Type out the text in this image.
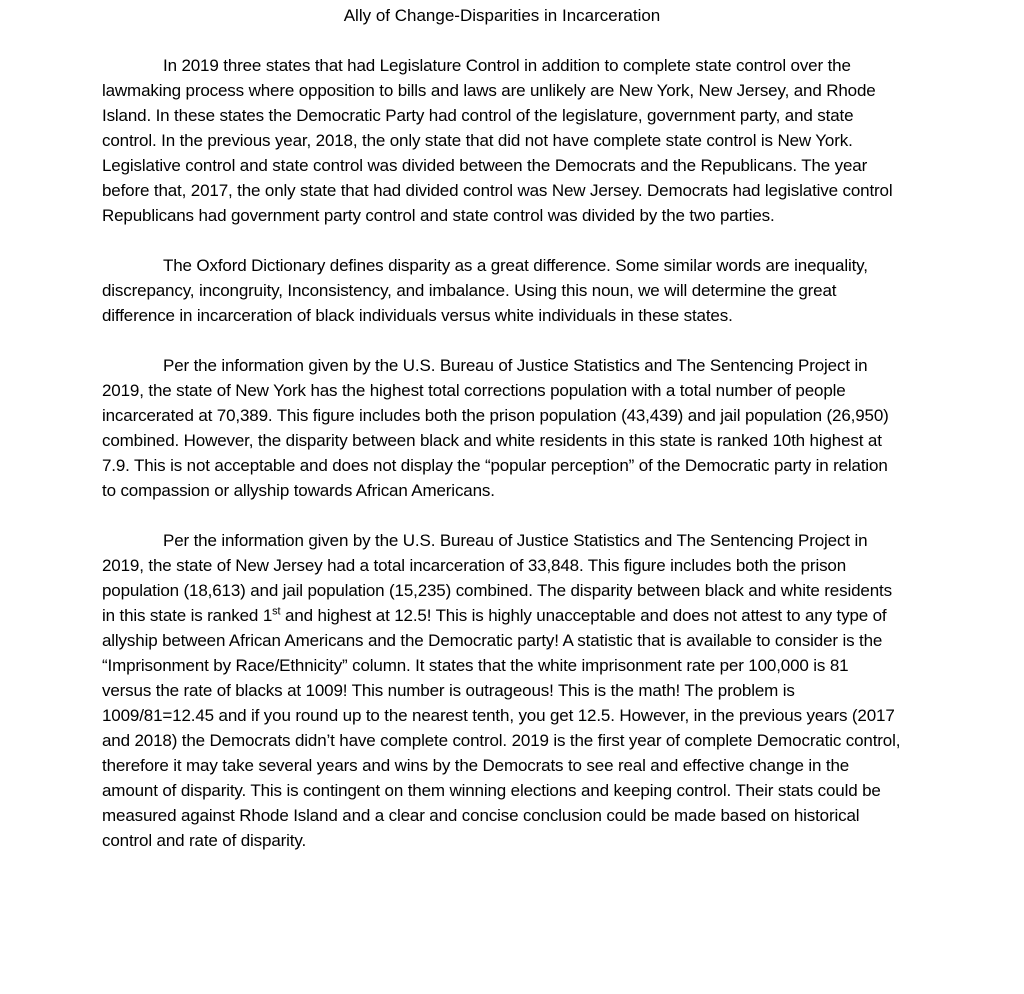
Ally of Change-Disparities in Incarceration

In 2019 three states that had Legislature Control in addition to complete state control over the lawmaking process where opposition to bills and laws are unlikely are New York, New Jersey, and Rhode Island. In these states the Democratic Party had control of the legislature, government party, and state control. In the previous year, 2018, the only state that did not have complete state control is New York. Legislative control and state control was divided between the Democrats and the Republicans. The year before that, 2017, the only state that had divided control was New Jersey. Democrats had legislative control Republicans had government party control and state control was divided by the two parties.

The Oxford Dictionary defines disparity as a great difference. Some similar words are inequality, discrepancy, incongruity, Inconsistency, and imbalance. Using this noun, we will determine the great difference in incarceration of black individuals versus white individuals in these states.

Per the information given by the U.S. Bureau of Justice Statistics and The Sentencing Project in 2019, the state of New York has the highest total corrections population with a total number of people incarcerated at 70,389. This figure includes both the prison population (43,439) and jail population (26,950) combined. However, the disparity between black and white residents in this state is ranked 10th highest at 7.9. This is not acceptable and does not display the “popular perception” of the Democratic party in relation to compassion or allyship towards African Americans.

Per the information given by the U.S. Bureau of Justice Statistics and The Sentencing Project in 2019, the state of New Jersey had a total incarceration of 33,848. This figure includes both the prison population (18,613) and jail population (15,235) combined. The disparity between black and white residents in this state is ranked 1st and highest at 12.5! This is highly unacceptable and does not attest to any type of allyship between African Americans and the Democratic party! A statistic that is available to consider is the “Imprisonment by Race/Ethnicity” column. It states that the white imprisonment rate per 100,000 is 81 versus the rate of blacks at 1009! This number is outrageous! This is the math! The problem is 1009/81=12.45 and if you round up to the nearest tenth, you get 12.5. However, in the previous years (2017 and 2018) the Democrats didn’t have complete control. 2019 is the first year of complete Democratic control, therefore it may take several years and wins by the Democrats to see real and effective change in the amount of disparity. This is contingent on them winning elections and keeping control. Their stats could be measured against Rhode Island and a clear and concise conclusion could be made based on historical control and rate of disparity.
